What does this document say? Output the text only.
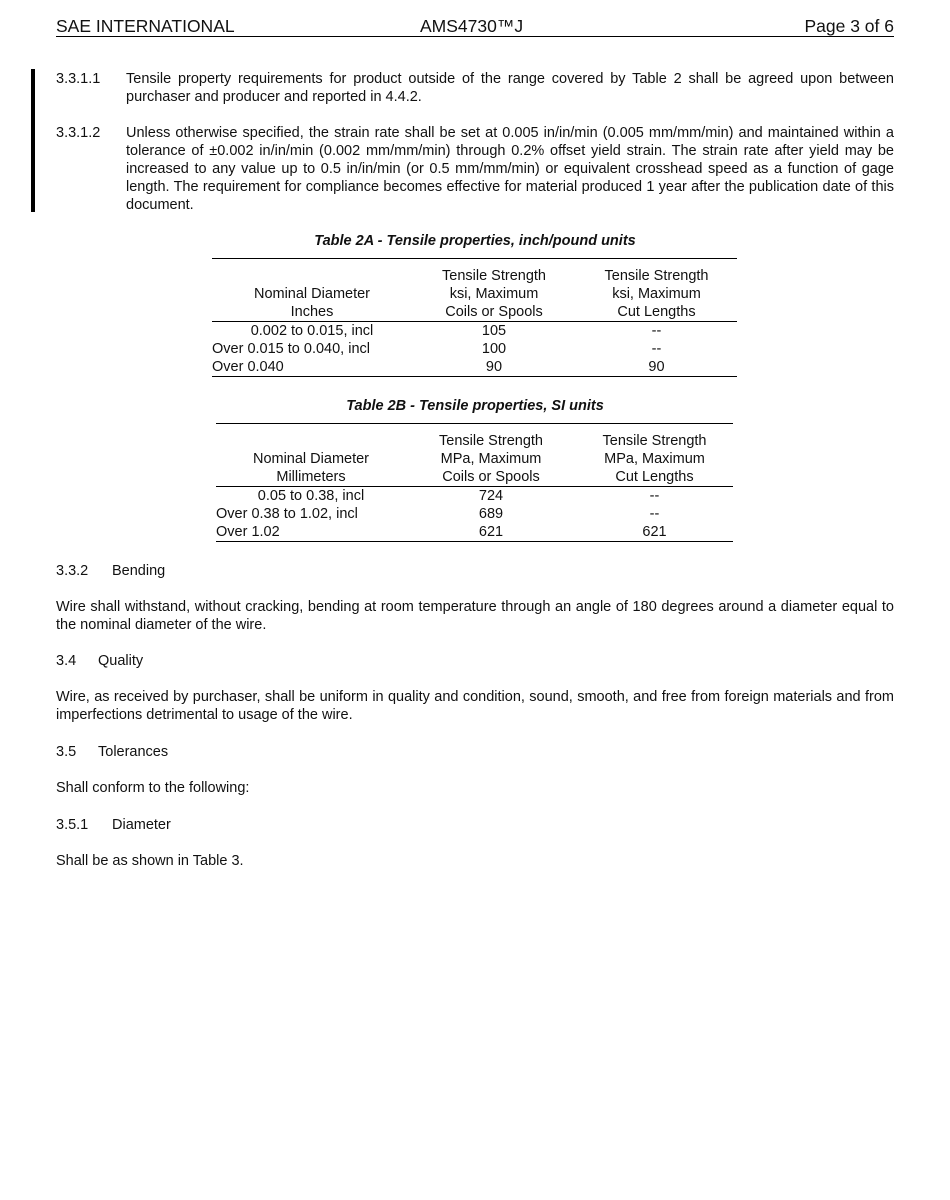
SAE INTERNATIONAL	AMS4730™J	Page 3 of 6
3.3.1.1 Tensile property requirements for product outside of the range covered by Table 2 shall be agreed upon between purchaser and producer and reported in 4.4.2.
3.3.1.2 Unless otherwise specified, the strain rate shall be set at 0.005 in/in/min (0.005 mm/mm/min) and maintained within a tolerance of ±0.002 in/in/min (0.002 mm/mm/min) through 0.2% offset yield strain. The strain rate after yield may be increased to any value up to 0.5 in/in/min (or 0.5 mm/mm/min) or equivalent crosshead speed as a function of gage length. The requirement for compliance becomes effective for material produced 1 year after the publication date of this document.
Table 2A - Tensile properties, inch/pound units

	Tensile Strength	Tensile Strength
Nominal Diameter	ksi, Maximum	ksi, Maximum
Inches	Coils or Spools	Cut Lengths
0.002 to 0.015, incl	105	--
Over 0.015 to 0.040, incl	100	--
Over 0.040	90	90
Table 2B - Tensile properties, SI units

	Tensile Strength	Tensile Strength
Nominal Diameter	MPa, Maximum	MPa, Maximum
Millimeters	Coils or Spools	Cut Lengths
0.05 to 0.38, incl	724	--
Over 0.38 to 1.02, incl	689	--
Over 1.02	621	621
3.3.2 Bending
Wire shall withstand, without cracking, bending at room temperature through an angle of 180 degrees around a diameter equal to the nominal diameter of the wire.
3.4 Quality
Wire, as received by purchaser, shall be uniform in quality and condition, sound, smooth, and free from foreign materials and from imperfections detrimental to usage of the wire.
3.5 Tolerances
Shall conform to the following:
3.5.1 Diameter
Shall be as shown in Table 3.
